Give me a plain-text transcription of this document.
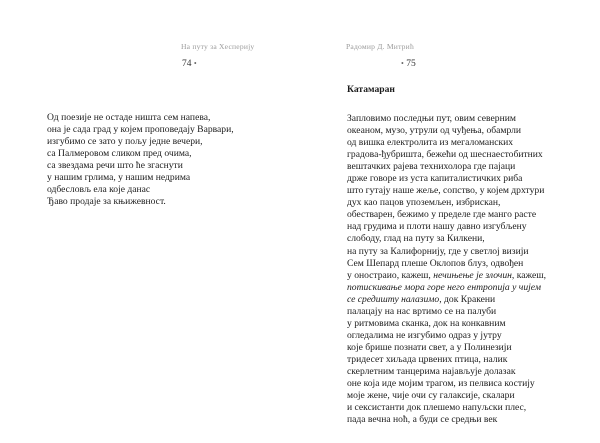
На путу за Хесперију
74 •
Од поезије не остаде ништа сем напева,
она је сада град у којем проповедају Варвари,
изгубимо се зато у пољу једне вечери,
са Палмеровом сликом пред очима,
са звездама речи што ће згаснути
у нашим грлима, у нашим недрима
одбесловљ ела које данас
Ђаво продаје за књижевност.
Радомир Д. Митрић
• 75
Катамаран
Запловимо последњи пут, овим северним
океаном, музо, утрули од чуђења, обамрли
од вишка електролита из мегаломанских
градова-ђубришта, бежећи од шеснаестобитних
вештачких рајева технихолора где пајаци
држе говоре из уста капиталистичких риба
што гутају наше жеље, сопство, у којем дрхтури
дух као пацов упоземљен, избрискан,
обестварен, бежимо у пределе где манго расте
над грудима и плоти нашу давно изгубљену
слободу, глад на путу за Килкени,
на путу за Калифорнију, где у светлој визији
Сем Шепард плеше Оклопов блуз, одвођен
у оностраио, кажеш, нечињење је злочин, кажеш,
потискивање мора горе него ентропија у чијем
се средишту налазимо, док Кракени
палацају на нас вртимо се на палуби
у ритмовима сканка, док на конкавним
огледалима не изгубимо одраз у јутру
које брише познати свет, а у Полинезији
тридесет хиљада црвених птица, налик
скерлетним танцерима најављује долазак
оне која иде мојим трагом, из пелвиса костију
моје жене, чије очи су галаксије, скалари
и сексистанти док плешемо напуљски плес,
пада вечна ноћ, а буди се средњи век
